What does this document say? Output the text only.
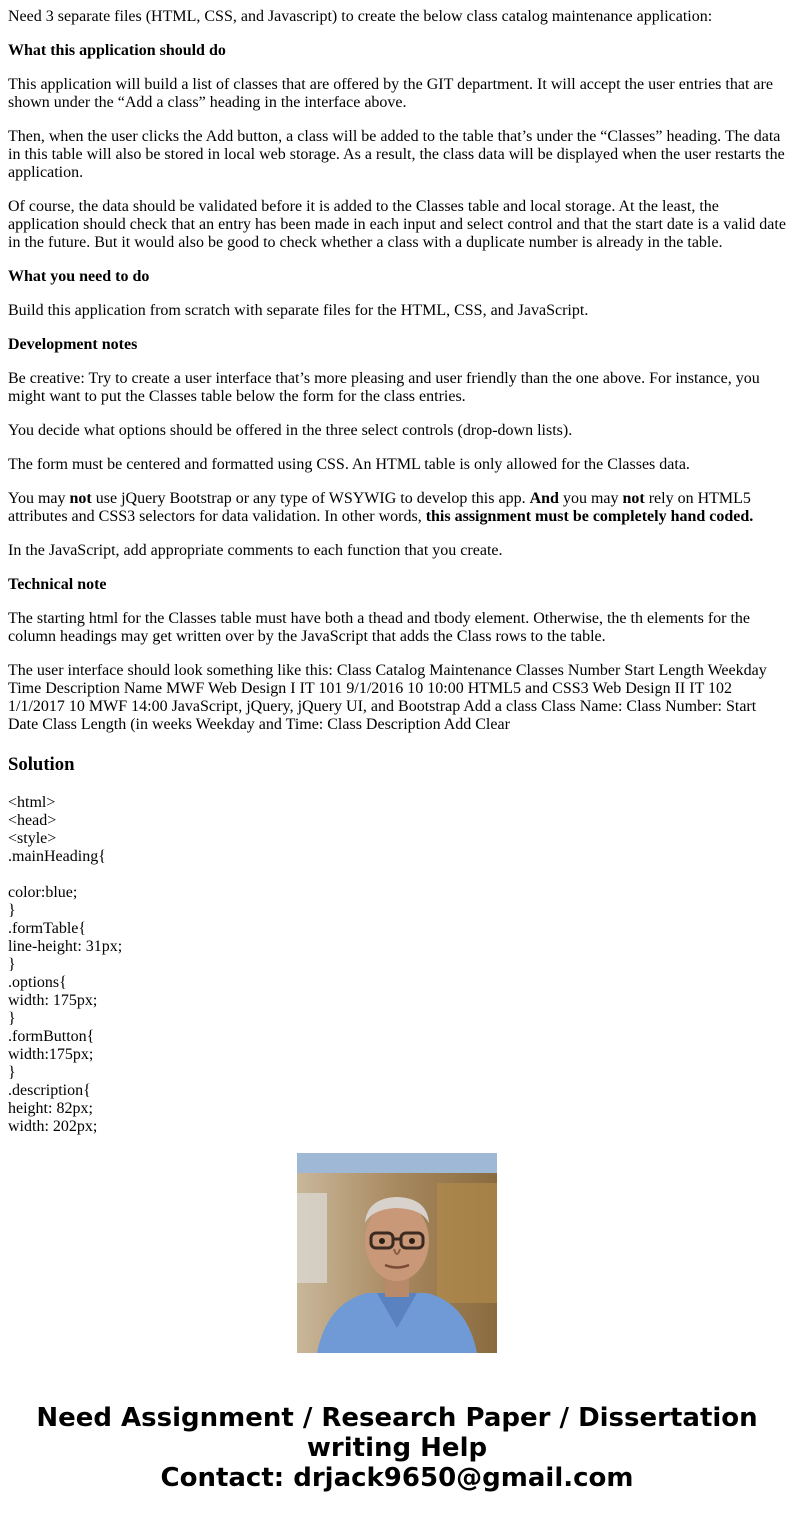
Need 3 separate files (HTML, CSS, and Javascript) to create the below class catalog maintenance application:

What this application should do

This application will build a list of classes that are offered by the GIT department. It will accept the user entries that are shown under the “Add a class” heading in the interface above.

Then, when the user clicks the Add button, a class will be added to the table that’s under the “Classes” heading. The data in this table will also be stored in local web storage. As a result, the class data will be displayed when the user restarts the application.

Of course, the data should be validated before it is added to the Classes table and local storage. At the least, the application should check that an entry has been made in each input and select control and that the start date is a valid date in the future. But it would also be good to check whether a class with a duplicate number is already in the table.

What you need to do

Build this application from scratch with separate files for the HTML, CSS, and JavaScript.

Development notes

Be creative: Try to create a user interface that’s more pleasing and user friendly than the one above. For instance, you might want to put the Classes table below the form for the class entries.

You decide what options should be offered in the three select controls (drop-down lists).

The form must be centered and formatted using CSS. An HTML table is only allowed for the Classes data.

You may not use jQuery Bootstrap or any type of WSYWIG to develop this app. And you may not rely on HTML5 attributes and CSS3 selectors for data validation. In other words, this assignment must be completely hand coded.

In the JavaScript, add appropriate comments to each function that you create.

Technical note

The starting html for the Classes table must have both a thead and tbody element. Otherwise, the th elements for the column headings may get written over by the JavaScript that adds the Class rows to the table.

The user interface should look something like this: Class Catalog Maintenance Classes Number Start Length Weekday Time Description Name MWF Web Design I IT 101 9/1/2016 10 10:00 HTML5 and CSS3 Web Design II IT 102 1/1/2017 10 MWF 14:00 JavaScript, jQuery, jQuery UI, and Bootstrap Add a class Class Name: Class Number: Start Date Class Length (in weeks Weekday and Time: Class Description Add Clear

Solution
<html>
<head>
<style>
.mainHeading{
color:blue;
}
.formTable{
line-height: 31px;
}
.options{
width: 175px;
}
.formButton{
width:175px;
}
.description{
height: 82px;
width: 202px;
Need Assignment / Research Paper / Dissertation
writing Help
Contact: drjack9650@gmail.com
